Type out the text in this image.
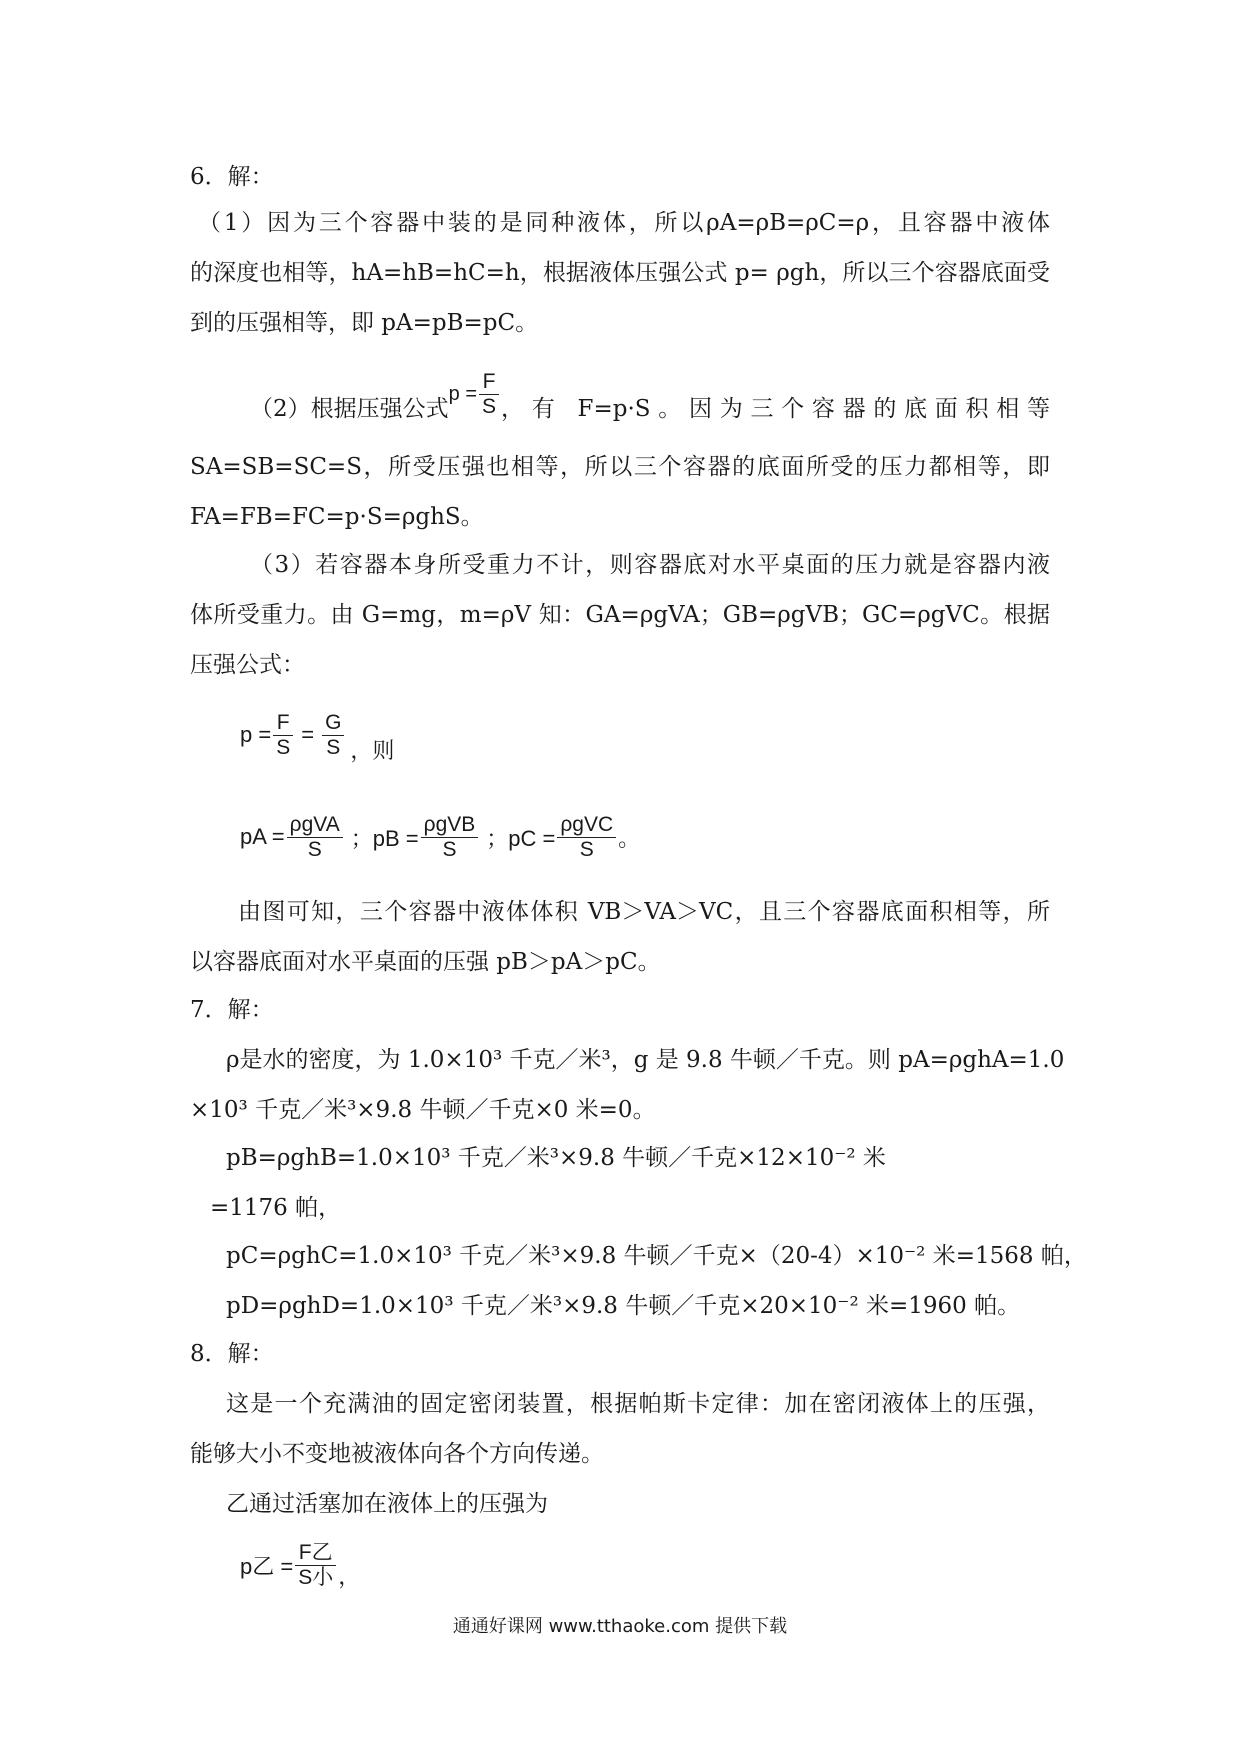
6．解：
（1）因为三个容器中装的是同种液体，所以ρA=ρB=ρC=ρ，且容器中液体
的深度也相等，hA=hB=hC=h，根据液体压强公式 p= ρgh，所以三个容器底面受
到的压强相等，即 pA=pB=pC。
（2）根据压强公式
$p = \frac{F}{S}$ ，有 F=p·S。因为三个容器的底面积相等
SA=SB=SC=S，所受压强也相等，所以三个容器的底面所受的压力都相等，即
FA=FB=FC=p·S=ρghS。
（3）若容器本身所受重力不计，则容器底对水平桌面的压力就是容器内液
体所受重力。由 G=mg，m=ρV 知：GA=ρgVA；GB=ρgVB；GC=ρgVC。根据
压强公式：
$p = \frac{F}{S} = \frac{G}{S}$ ，则
pA = $\frac{\text{ρgVA}}{S}$ ；pB = $\frac{\text{ρgVB}}{S}$ ；pC = $\frac{\text{ρgVC}}{S}$ 。
由图可知，三个容器中液体体积 VB＞VA＞VC，且三个容器底面积相等，所
以容器底面对水平桌面的压强 pB＞pA＞pC。
7．解：
ρ是水的密度，为 1.0×10³ 千克／米³，g 是 9.8 牛顿／千克。则 pA=ρghA=1.0
×10³ 千克／米³×9.8 牛顿／千克×0 米=0。
pB=ρghB=1.0×10³ 千克／米³×9.8 牛顿／千克×12×10⁻² 米
=1176 帕，
pC=ρghC=1.0×10³ 千克／米³×9.8 牛顿／千克×（20-4）×10⁻² 米=1568 帕，
pD=ρghD=1.0×10³ 千克／米³×9.8 牛顿／千克×20×10⁻² 米=1960 帕。
8．解：
这是一个充满油的固定密闭装置，根据帕斯卡定律：加在密闭液体上的压强，
能够大小不变地被液体向各个方向传递。
乙通过活塞加在液体上的压强为
p乙 = $\frac{\text{F乙}}{\text{S小}}$ ，
通通好课网 www.tthaoke.com 提供下载
